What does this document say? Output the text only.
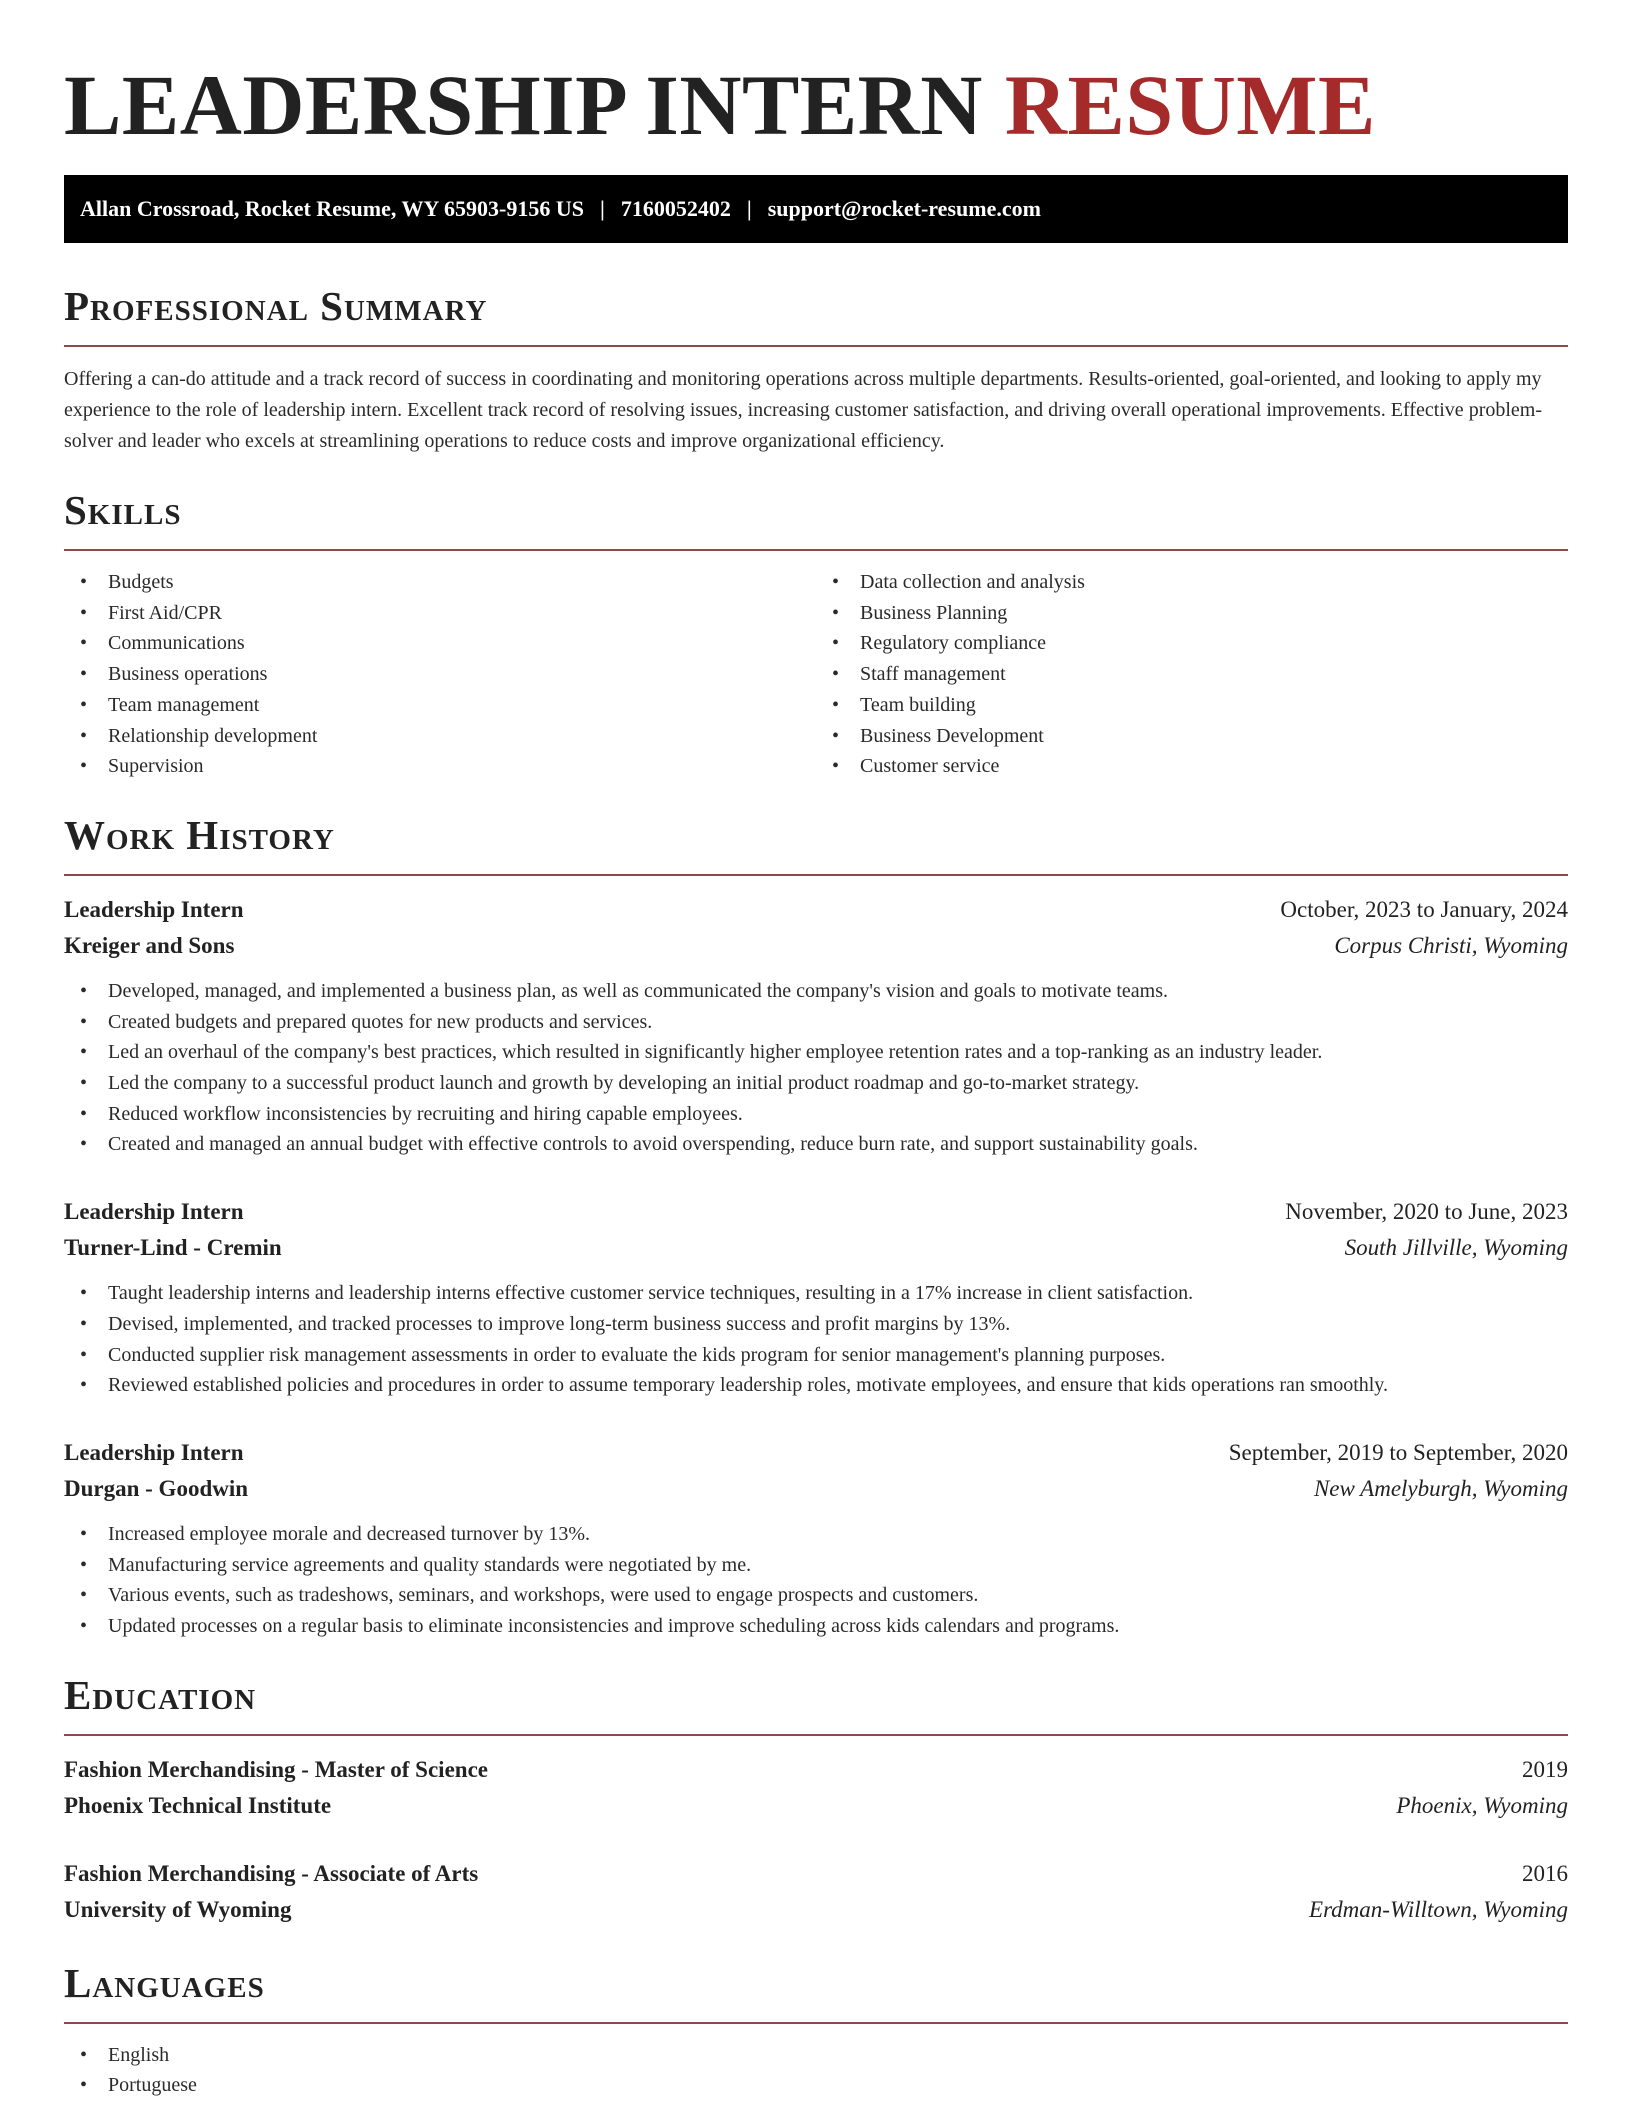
LEADERSHIP INTERN RESUME
Allan Crossroad, Rocket Resume, WY 65903-9156 US | 7160052402 | support@rocket-resume.com
Professional Summary

Offering a can-do attitude and a track record of success in coordinating and monitoring operations across multiple departments. Results-oriented, goal-oriented, and looking to apply my experience to the role of leadership intern. Excellent track record of resolving issues, increasing customer satisfaction, and driving overall operational improvements. Effective problem-solver and leader who excels at streamlining operations to reduce costs and improve organizational efficiency.

Skills
• Budgets
• First Aid/CPR
• Communications
• Business operations
• Team management
• Relationship development
• Supervision
• Data collection and analysis
• Business Planning
• Regulatory compliance
• Staff management
• Team building
• Business Development
• Customer service
Work History
Leadership Intern	October, 2023 to January, 2024
Kreiger and Sons	Corpus Christi, Wyoming
• Developed, managed, and implemented a business plan, as well as communicated the company's vision and goals to motivate teams.
• Created budgets and prepared quotes for new products and services.
• Led an overhaul of the company's best practices, which resulted in significantly higher employee retention rates and a top-ranking as an industry leader.
• Led the company to a successful product launch and growth by developing an initial product roadmap and go-to-market strategy.
• Reduced workflow inconsistencies by recruiting and hiring capable employees.
• Created and managed an annual budget with effective controls to avoid overspending, reduce burn rate, and support sustainability goals.
Leadership Intern	November, 2020 to June, 2023
Turner-Lind - Cremin	South Jillville, Wyoming
• Taught leadership interns and leadership interns effective customer service techniques, resulting in a 17% increase in client satisfaction.
• Devised, implemented, and tracked processes to improve long-term business success and profit margins by 13%.
• Conducted supplier risk management assessments in order to evaluate the kids program for senior management's planning purposes.
• Reviewed established policies and procedures in order to assume temporary leadership roles, motivate employees, and ensure that kids operations ran smoothly.
Leadership Intern	September, 2019 to September, 2020
Durgan - Goodwin	New Amelyburgh, Wyoming
• Increased employee morale and decreased turnover by 13%.
• Manufacturing service agreements and quality standards were negotiated by me.
• Various events, such as tradeshows, seminars, and workshops, were used to engage prospects and customers.
• Updated processes on a regular basis to eliminate inconsistencies and improve scheduling across kids calendars and programs.
Education
Fashion Merchandising - Master of Science	2019
Phoenix Technical Institute	Phoenix, Wyoming
Fashion Merchandising - Associate of Arts	2016
University of Wyoming	Erdman-Willtown, Wyoming
Languages
• English
• Portuguese
